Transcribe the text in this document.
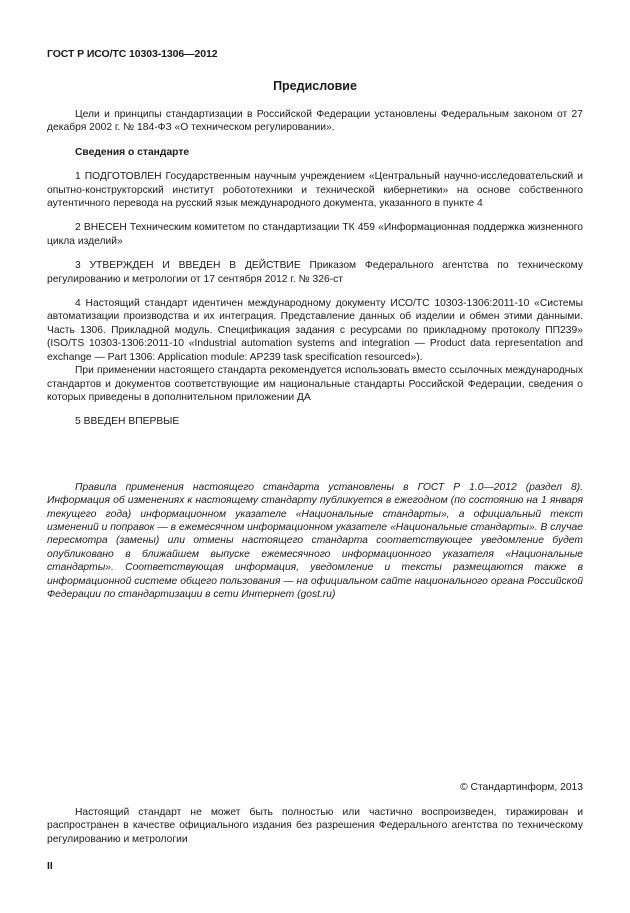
ГОСТ Р ИСО/ТС 10303-1306—2012
Предисловие

Цели и принципы стандартизации в Российской Федерации установлены Федеральным законом от 27 декабря 2002 г. № 184-ФЗ «О техническом регулировании».

Сведения о стандарте

1 ПОДГОТОВЛЕН Государственным научным учреждением «Центральный научно-исследовательский и опытно-конструкторский институт робототехники и технической кибернетики» на основе собственного аутентичного перевода на русский язык международного документа, указанного в пункте 4

2 ВНЕСЕН Техническим комитетом по стандартизации ТК 459 «Информационная поддержка жизненного цикла изделий»

3 УТВЕРЖДЕН И ВВЕДЕН В ДЕЙСТВИЕ Приказом Федерального агентства по техническому регулированию и метрологии от 17 сентября 2012 г. № 326-ст

4 Настоящий стандарт идентичен международному документу ИСО/ТС 10303-1306:2011-10 «Системы автоматизации производства и их интеграция. Представление данных об изделии и обмен этими данными. Часть 1306. Прикладной модуль. Спецификация задания с ресурсами по прикладному протоколу ПП239» (ISO/TS 10303-1306:2011-10 «Industrial automation systems and integration — Product data representation and exchange — Part 1306: Application module: AP239 task specification resourced»).

При применении настоящего стандарта рекомендуется использовать вместо ссылочных международных стандартов и документов соответствующие им национальные стандарты Российской Федерации, сведения о которых приведены в дополнительном приложении ДА

5 ВВЕДЕН ВПЕРВЫЕ

Правила применения настоящего стандарта установлены в ГОСТ Р 1.0—2012 (раздел 8). Информация об изменениях к настоящему стандарту публикуется в ежегодном (по состоянию на 1 января текущего года) информационном указателе «Национальные стандарты», а официальный текст изменений и поправок — в ежемесячном информационном указателе «Национальные стандарты». В случае пересмотра (замены) или отмены настоящего стандарта соответствующее уведомление будет опубликовано в ближайшем выпуске ежемесячного информационного указателя «Национальные стандарты». Соответствующая информация, уведомление и тексты размещаются также в информационной системе общего пользования — на официальном сайте национального органа Российской Федерации по стандартизации в сети Интернет (gost.ru)

© Стандартинформ, 2013

Настоящий стандарт не может быть полностью или частично воспроизведен, тиражирован и распространен в качестве официального издания без разрешения Федерального агентства по техническому регулированию и метрологии

II
